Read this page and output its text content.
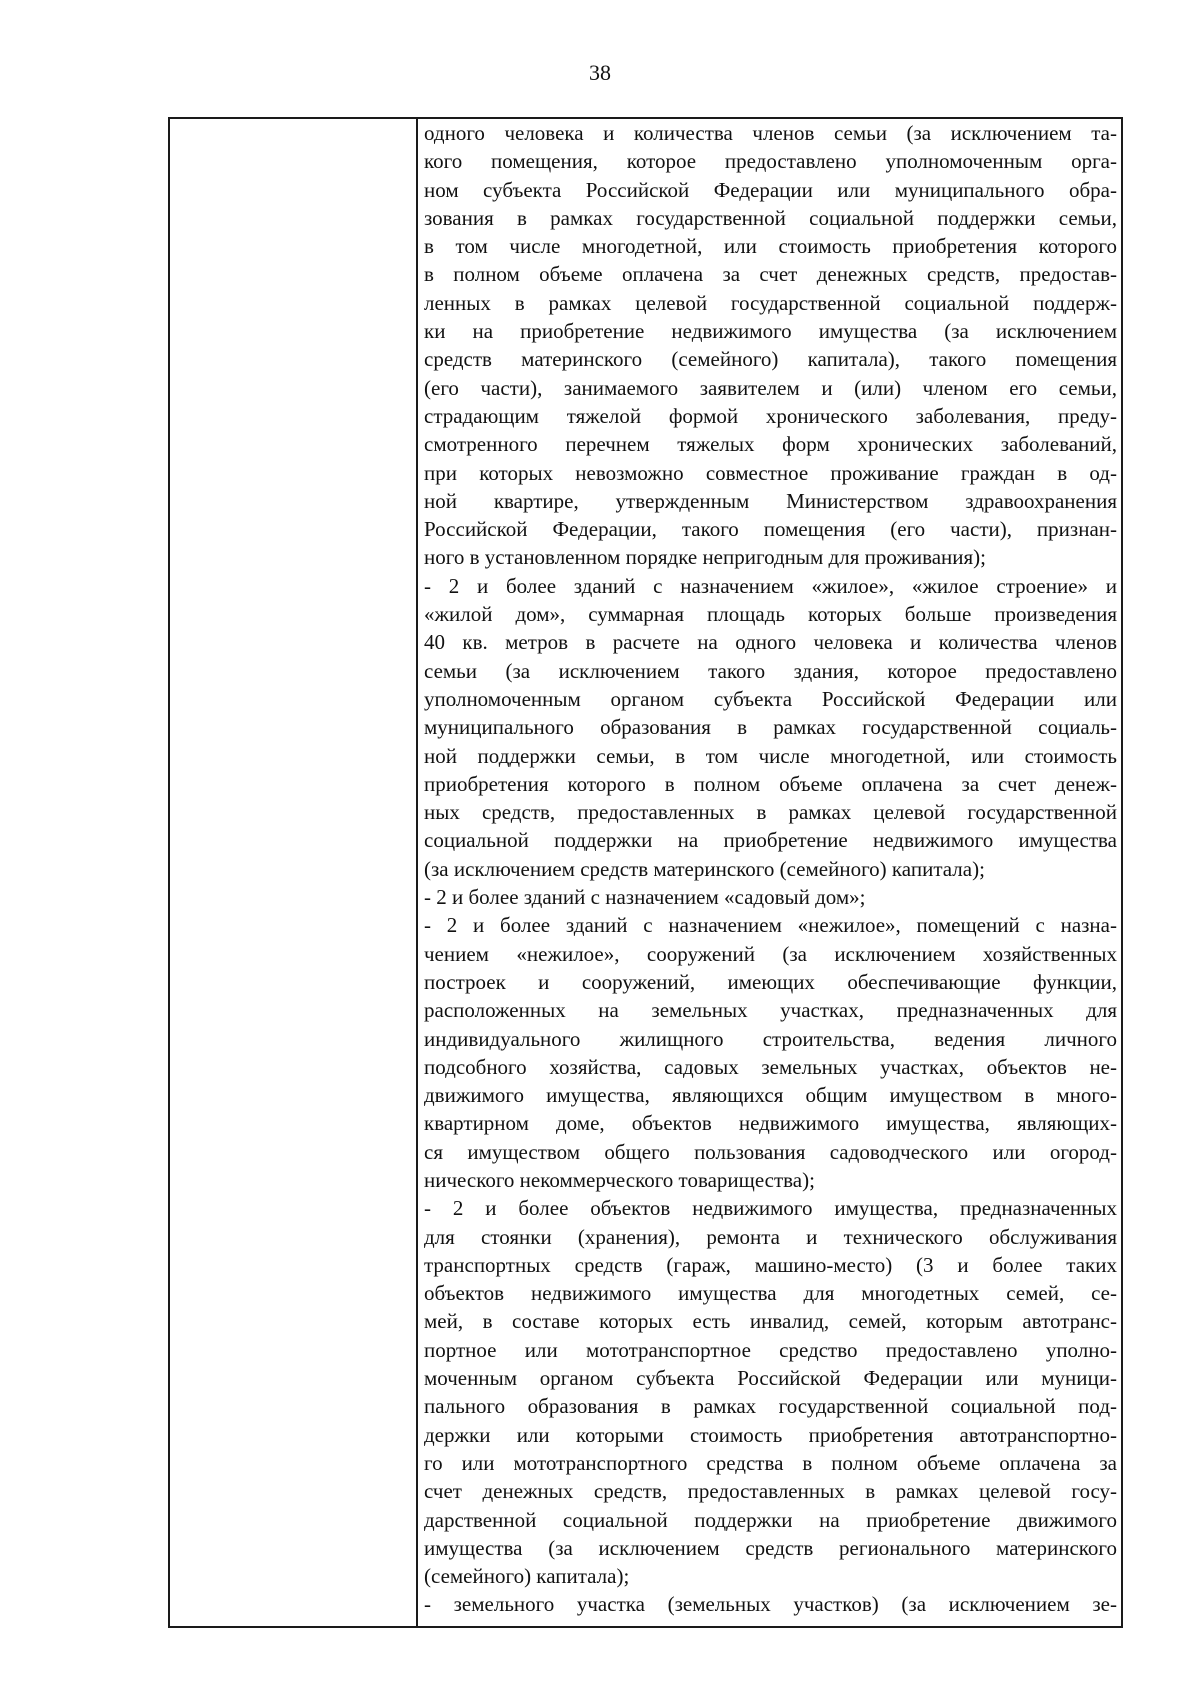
38
одного человека и количества членов семьи (за исключением та-
кого помещения, которое предоставлено уполномоченным орга-
ном субъекта Российской Федерации или муниципального обра-
зования в рамках государственной социальной поддержки семьи,
в том числе многодетной, или стоимость приобретения которого
в полном объеме оплачена за счет денежных средств, предостав-
ленных в рамках целевой государственной социальной поддерж-
ки на приобретение недвижимого имущества (за исключением
средств материнского (семейного) капитала), такого помещения
(его части), занимаемого заявителем и (или) членом его семьи,
страдающим тяжелой формой хронического заболевания, преду-
смотренного перечнем тяжелых форм хронических заболеваний,
при которых невозможно совместное проживание граждан в од-
ной квартире, утвержденным Министерством здравоохранения
Российской Федерации, такого помещения (его части), признан-
ного в установленном порядке непригодным для проживания);
- 2 и более зданий с назначением «жилое», «жилое строение» и
«жилой дом», суммарная площадь которых больше произведения
40 кв. метров в расчете на одного человека и количества членов
семьи (за исключением такого здания, которое предоставлено
уполномоченным органом субъекта Российской Федерации или
муниципального образования в рамках государственной социаль-
ной поддержки семьи, в том числе многодетной, или стоимость
приобретения которого в полном объеме оплачена за счет денеж-
ных средств, предоставленных в рамках целевой государственной
социальной поддержки на приобретение недвижимого имущества
(за исключением средств материнского (семейного) капитала);
- 2 и более зданий с назначением «садовый дом»;
- 2 и более зданий с назначением «нежилое», помещений с назна-
чением «нежилое», сооружений (за исключением хозяйственных
построек и сооружений, имеющих обеспечивающие функции,
расположенных на земельных участках, предназначенных для
индивидуального жилищного строительства, ведения личного
подсобного хозяйства, садовых земельных участках, объектов не-
движимого имущества, являющихся общим имуществом в много-
квартирном доме, объектов недвижимого имущества, являющих-
ся имуществом общего пользования садоводческого или огород-
нического некоммерческого товарищества);
- 2 и более объектов недвижимого имущества, предназначенных
для стоянки (хранения), ремонта и технического обслуживания
транспортных средств (гараж, машино-место) (3 и более таких
объектов недвижимого имущества для многодетных семей, се-
мей, в составе которых есть инвалид, семей, которым автотранс-
портное или мототранспортное средство предоставлено уполно-
моченным органом субъекта Российской Федерации или муници-
пального образования в рамках государственной социальной под-
держки или которыми стоимость приобретения автотранспортно-
го или мототранспортного средства в полном объеме оплачена за
счет денежных средств, предоставленных в рамках целевой госу-
дарственной социальной поддержки на приобретение движимого
имущества (за исключением средств регионального материнского
(семейного) капитала);
- земельного участка (земельных участков) (за исключением зе-
